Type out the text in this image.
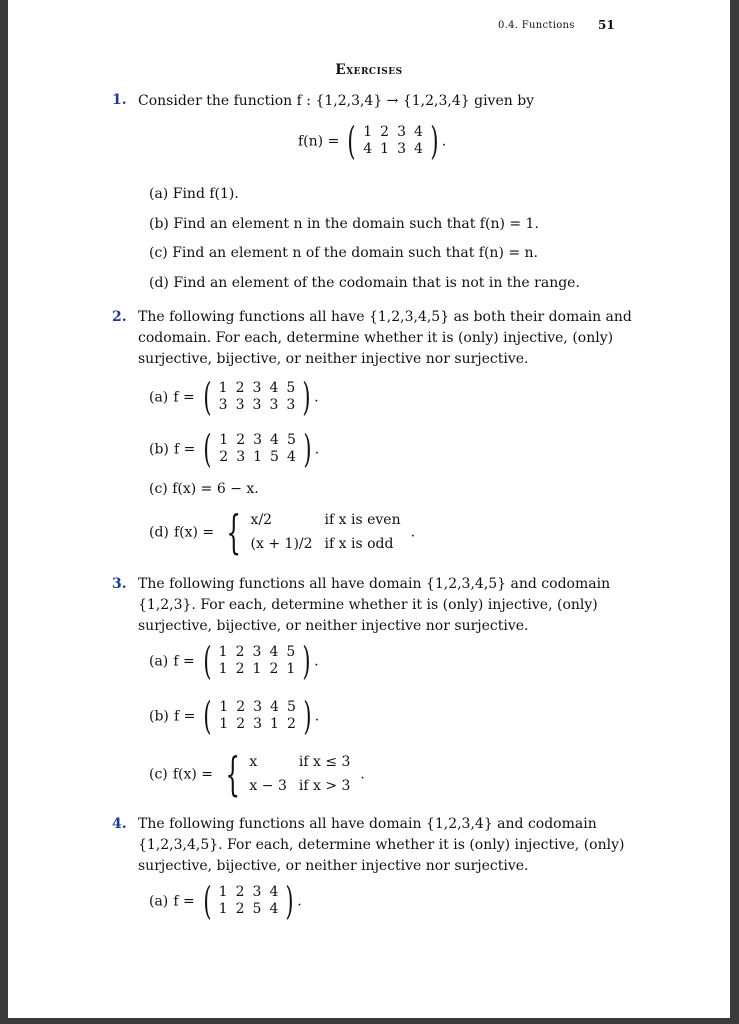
0.4. Functions 51
Exercises
1. Consider the function f : {1,2,3,4} → {1,2,3,4} given by
f(n) = ( 1	2	3	4
4	1	3	4 ) .
(a) Find f(1).
(b) Find an element n in the domain such that f(n) = 1.
(c) Find an element n of the domain such that f(n) = n.
(d) Find an element of the codomain that is not in the range.
2. The following functions all have {1,2,3,4,5} as both their domain and
codomain. For each, determine whether it is (only) injective, (only)
surjective, bijective, or neither injective nor surjective.
(a) f = ( 1	2	3	4	5
3	3	3	3	3 ) .
(b) f = ( 1	2	3	4	5
2	3	1	5	4 ) .
(c) f(x) = 6 − x.
(d) f(x) = { x/2	if x is even
(x + 1)/2	if x is odd
.
3. The following functions all have domain {1,2,3,4,5} and codomain
{1,2,3}. For each, determine whether it is (only) injective, (only)
surjective, bijective, or neither injective nor surjective.
(a) f = ( 1	2	3	4	5
1	2	1	2	1 ) .
(b) f = ( 1	2	3	4	5
1	2	3	1	2 ) .
(c) f(x) = { x	if x ≤ 3
x − 3	if x > 3
.
4. The following functions all have domain {1,2,3,4} and codomain
{1,2,3,4,5}. For each, determine whether it is (only) injective, (only)
surjective, bijective, or neither injective nor surjective.
(a) f = ( 1	2	3	4
1	2	5	4 ) .
